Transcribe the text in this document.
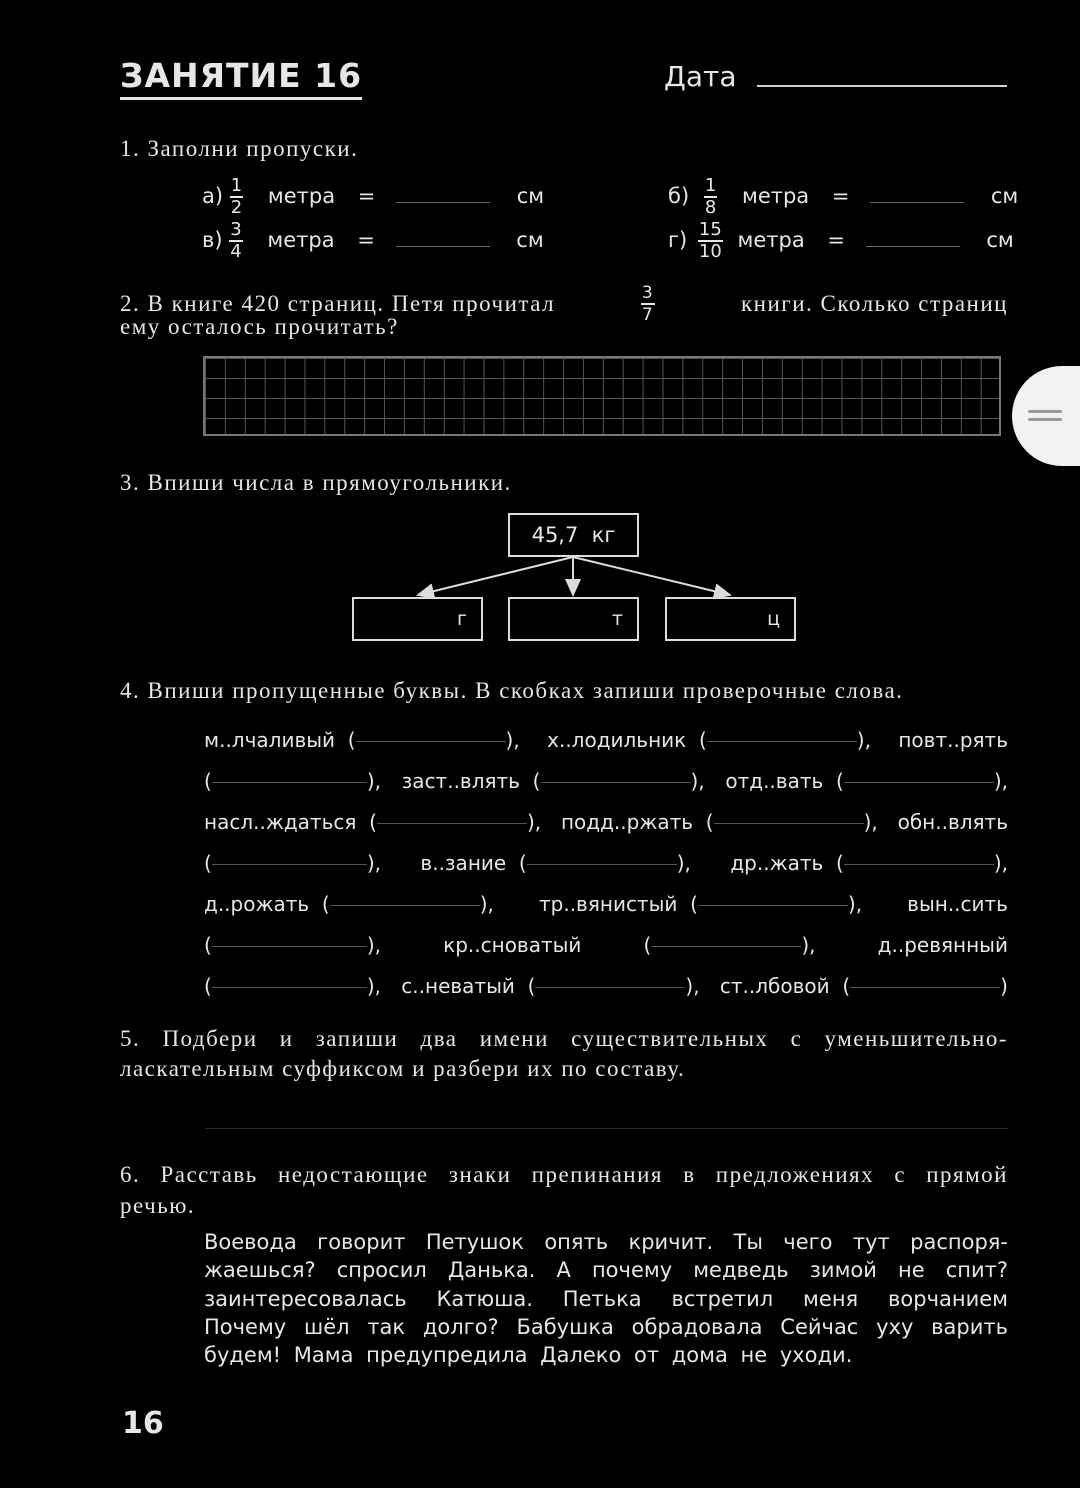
ЗАНЯТИЕ 16	Дата
1. Заполни пропуски.
$а) \frac{1}{2}$ метра =	см	$б) \frac{1}{8}$ метра =	см
$в) \frac{3}{4}$ метра =	см	$г) \frac{15}{10}$ метра =	см
2. В книге 420 страниц. Петя прочитал	$\frac{3}{7}$	книги. Сколько страниц
ему осталось прочитать?
3. Впиши числа в прямоугольники.
45,7  кг
г	т	ц
4. Впиши пропущенные буквы. В скобках запиши проверочные слова.
м..лчаливый  (	), х..лодильник  (	), повт..рять
(	), заст..влять  (	), отд..вать  (	),
насл..ждаться  (	), подд..ржать  (	), обн..влять
(	), в..зание  (	), др..жать  (	),
д..рожать  (	), тр..вянистый  (	), вын..сить
(	),	кр..сноватый	(	),	д..ревянный
(	), с..неватый  (	), ст..лбовой  (	)
5. Подбери и запиши два имени существительных с уменьшительно-
ласкательным суффиксом и разбери их по составу.
6. Расставь недостающие знаки препинания в предложениях с прямой
речью.
Воевода говорит Петушок опять кричит. Ты чего тут распоря-жаешься? спросил Данька. А почему медведь зимой не спит? заинтересовалась Катюша. Петька встретил меня ворчанием Почему шёл так долго? Бабушка обрадовала Сейчас уху варить будем! Мама предупредила Далеко от дома не уходи.
16
